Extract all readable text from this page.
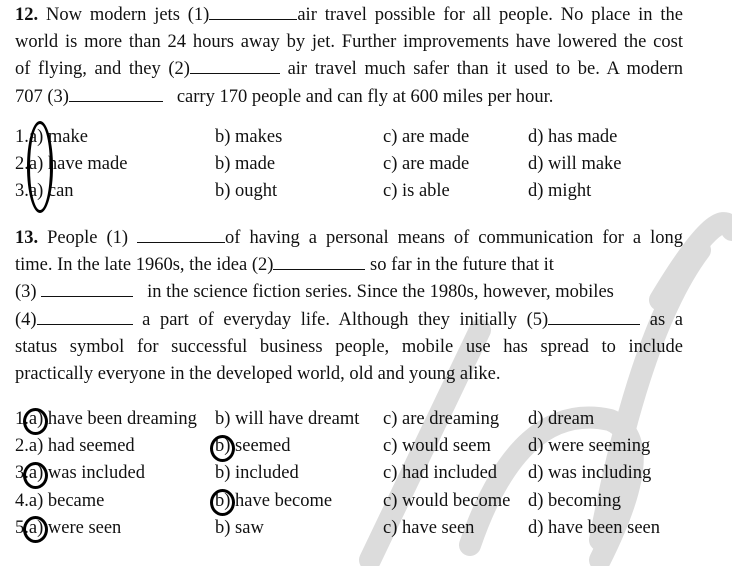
12. Now modern jets (1)	air travel possible for all people. No place in the
world is more than 24 hours away by jet. Further improvements have lowered the cost
of flying, and they (2)	air travel much safer than it used to be. A modern
707 (3)	carry 170 people and can fly at 600 miles per hour.
1.a) make	b) makes	c) are made	d) has made
2.a) have made	b) made	c) are made	d) will make
3.a) can	b) ought	c) is able	d) might
13. People (1)	of having a personal means of communication for a long
time. In the late 1960s, the idea (2)	so far in the future that it
(3)	in the science fiction series. Since the 1980s, however, mobiles
(4)	a part of everyday life. Although they initially (5)	as a
status symbol for successful business people, mobile use has spread to include
practically everyone in the developed world, old and young alike.
1.a) have been dreaming b) will have dreamt c) are dreaming d) dream
2.a) had seemed	b) seemed	c) would seem d) were seeming
3.a) was included	b) included	c) had included d) was including
4.a) became	b) have become	c) would become d) becoming
5.a) were seen	b) saw	c) have seen	d) have been seen
